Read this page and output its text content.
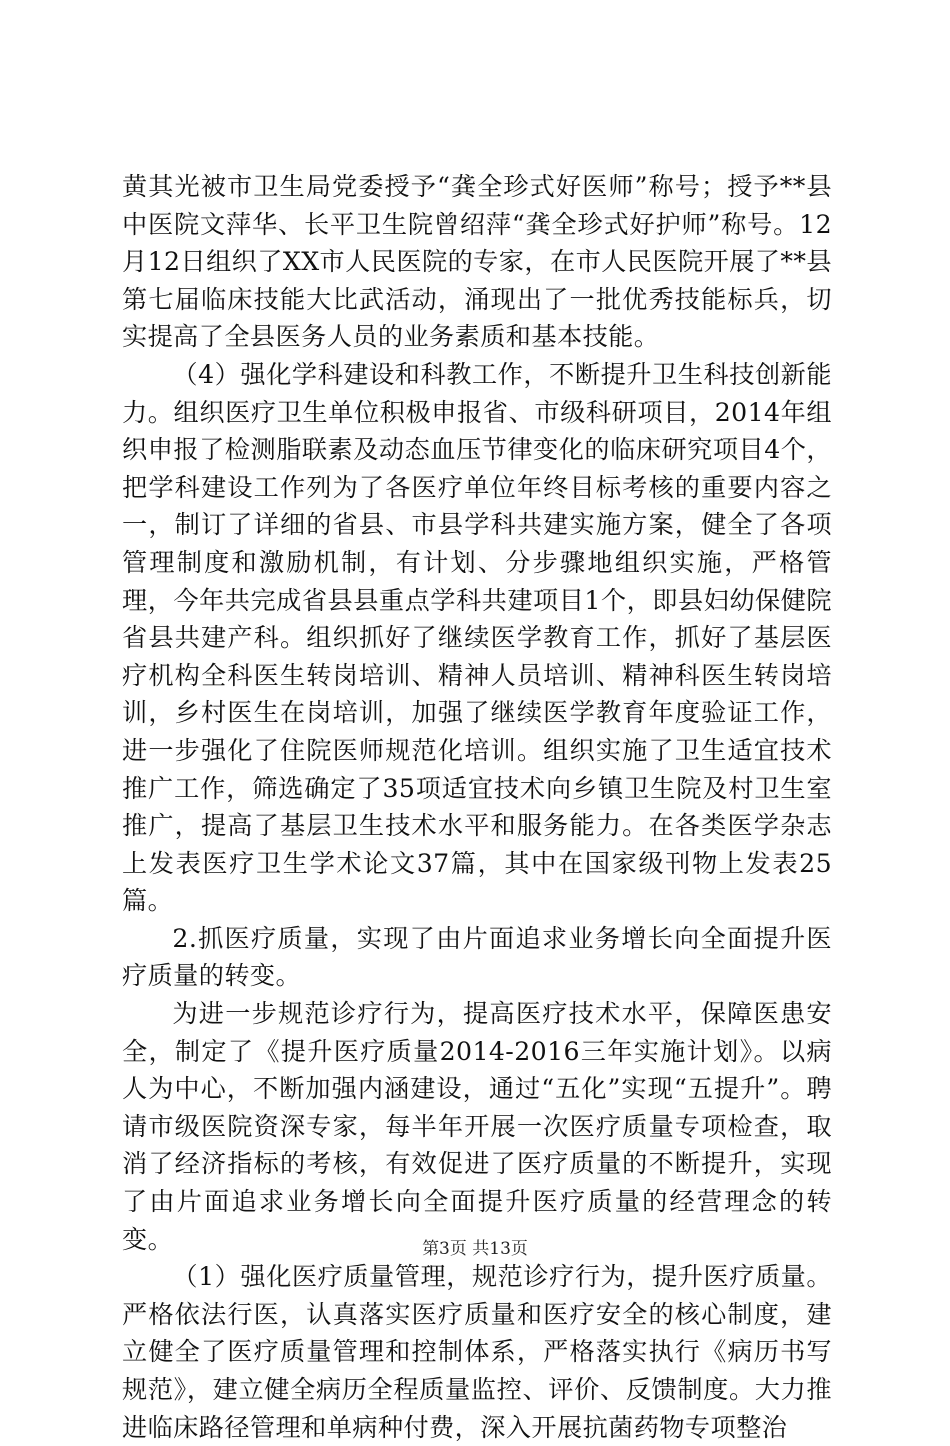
黄其光被市卫生局党委授予“龚全珍式好医师”称号；授予**县中医院文萍华、长平卫生院曾绍萍“龚全珍式好护师”称号。12月12日组织了XX市人民医院的专家，在市人民医院开展了**县第七届临床技能大比武活动，涌现出了一批优秀技能标兵，切实提高了全县医务人员的业务素质和基本技能。

（4）强化学科建设和科教工作，不断提升卫生科技创新能力。组织医疗卫生单位积极申报省、市级科研项目，2014年组织申报了检测脂联素及动态血压节律变化的临床研究项目4个，把学科建设工作列为了各医疗单位年终目标考核的重要内容之一，制订了详细的省县、市县学科共建实施方案，健全了各项管理制度和激励机制，有计划、分步骤地组织实施，严格管理，今年共完成省县县重点学科共建项目1个，即县妇幼保健院省县共建产科。组织抓好了继续医学教育工作，抓好了基层医疗机构全科医生转岗培训、精神人员培训、精神科医生转岗培训，乡村医生在岗培训，加强了继续医学教育年度验证工作，进一步强化了住院医师规范化培训。组织实施了卫生适宜技术推广工作，筛选确定了35项适宜技术向乡镇卫生院及村卫生室推广，提高了基层卫生技术水平和服务能力。在各类医学杂志上发表医疗卫生学术论文37篇，其中在国家级刊物上发表25篇。

2.抓医疗质量，实现了由片面追求业务增长向全面提升医疗质量的转变。

为进一步规范诊疗行为，提高医疗技术水平，保障医患安全，制定了《提升医疗质量2014-2016三年实施计划》。以病人为中心，不断加强内涵建设，通过“五化”实现“五提升”。聘请市级医院资深专家，每半年开展一次医疗质量专项检查，取消了经济指标的考核，有效促进了医疗质量的不断提升，实现了由片面追求业务增长向全面提升医疗质量的经营理念的转变。

（1）强化医疗质量管理，规范诊疗行为，提升医疗质量。严格依法行医，认真落实医疗质量和医疗安全的核心制度，建立健全了医疗质量管理和控制体系，严格落实执行《病历书写规范》，建立健全病历全程质量监控、评价、反馈制度。大力推进临床路径管理和单病种付费，深入开展抗菌药物专项整治

第3页 共13页
